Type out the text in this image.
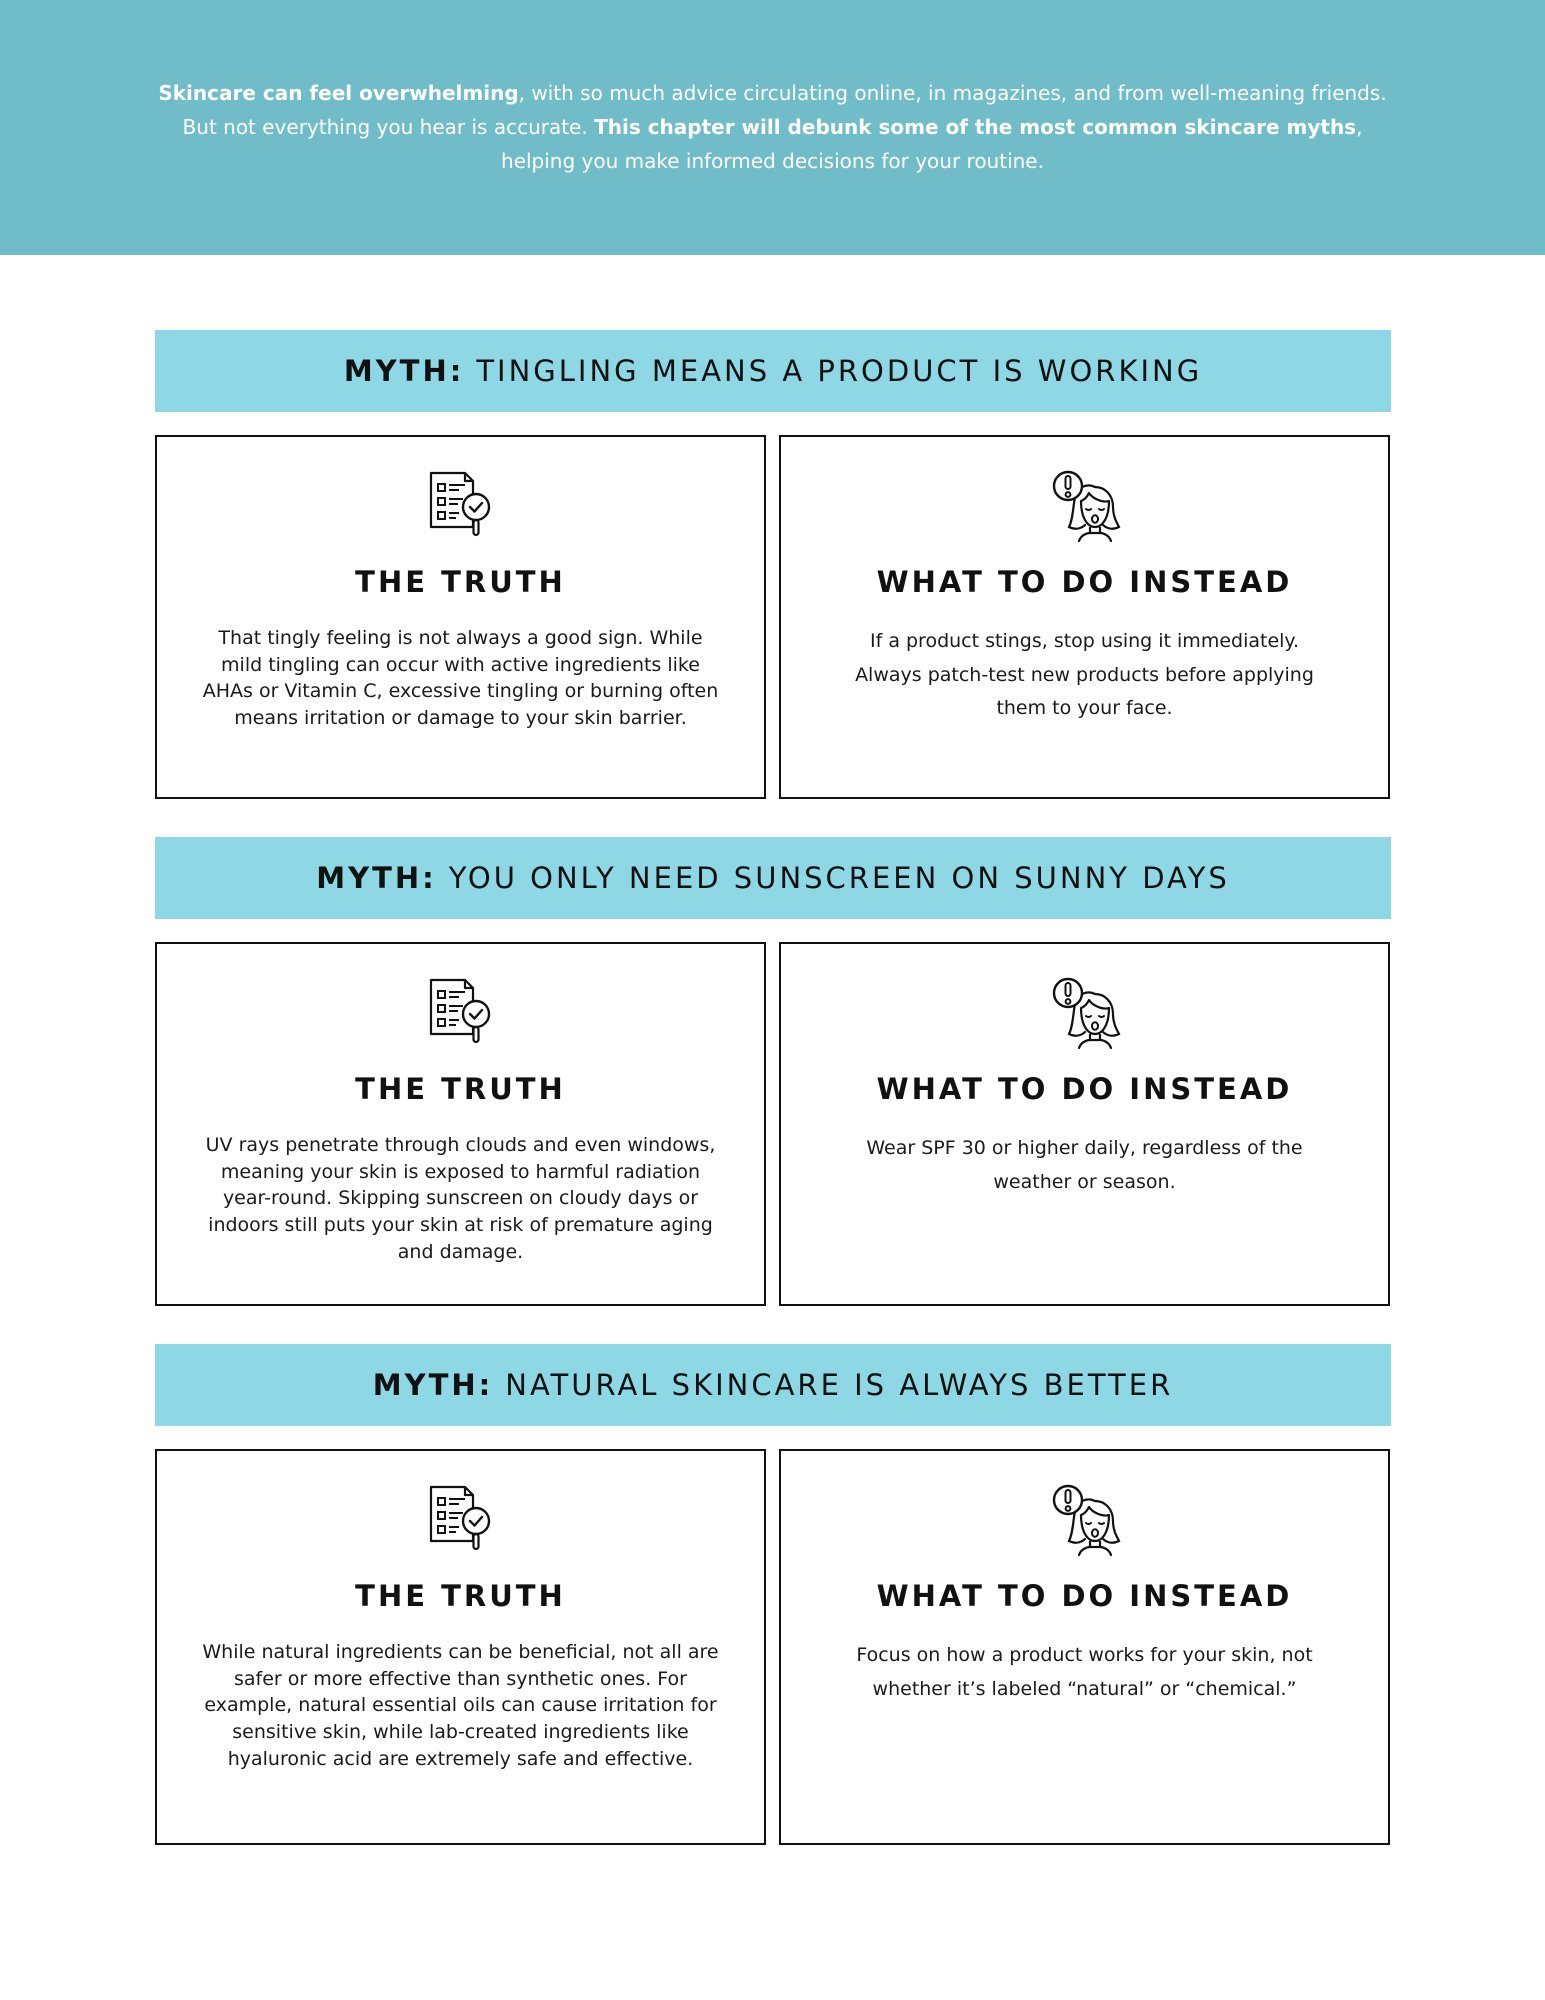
Skincare can feel overwhelming, with so much advice circulating online, in magazines, and from well-meaning friends. But not everything you hear is accurate. This chapter will debunk some of the most common skincare myths, helping you make informed decisions for your routine.

MYTH: TINGLING MEANS A PRODUCT IS WORKING
THE TRUTH

That tingly feeling is not always a good sign. While mild tingling can occur with active ingredients like AHAs or Vitamin C, excessive tingling or burning often means irritation or damage to your skin barrier.

WHAT TO DO INSTEAD

If a product stings, stop using it immediately. Always patch-test new products before applying them to your face.

MYTH: YOU ONLY NEED SUNSCREEN ON SUNNY DAYS
THE TRUTH

UV rays penetrate through clouds and even windows, meaning your skin is exposed to harmful radiation year-round. Skipping sunscreen on cloudy days or indoors still puts your skin at risk of premature aging and damage.

WHAT TO DO INSTEAD

Wear SPF 30 or higher daily, regardless of the weather or season.

MYTH: NATURAL SKINCARE IS ALWAYS BETTER
THE TRUTH

While natural ingredients can be beneficial, not all are safer or more effective than synthetic ones. For example, natural essential oils can cause irritation for sensitive skin, while lab-created ingredients like hyaluronic acid are extremely safe and effective.

WHAT TO DO INSTEAD

Focus on how a product works for your skin, not whether it’s labeled “natural” or “chemical.”
